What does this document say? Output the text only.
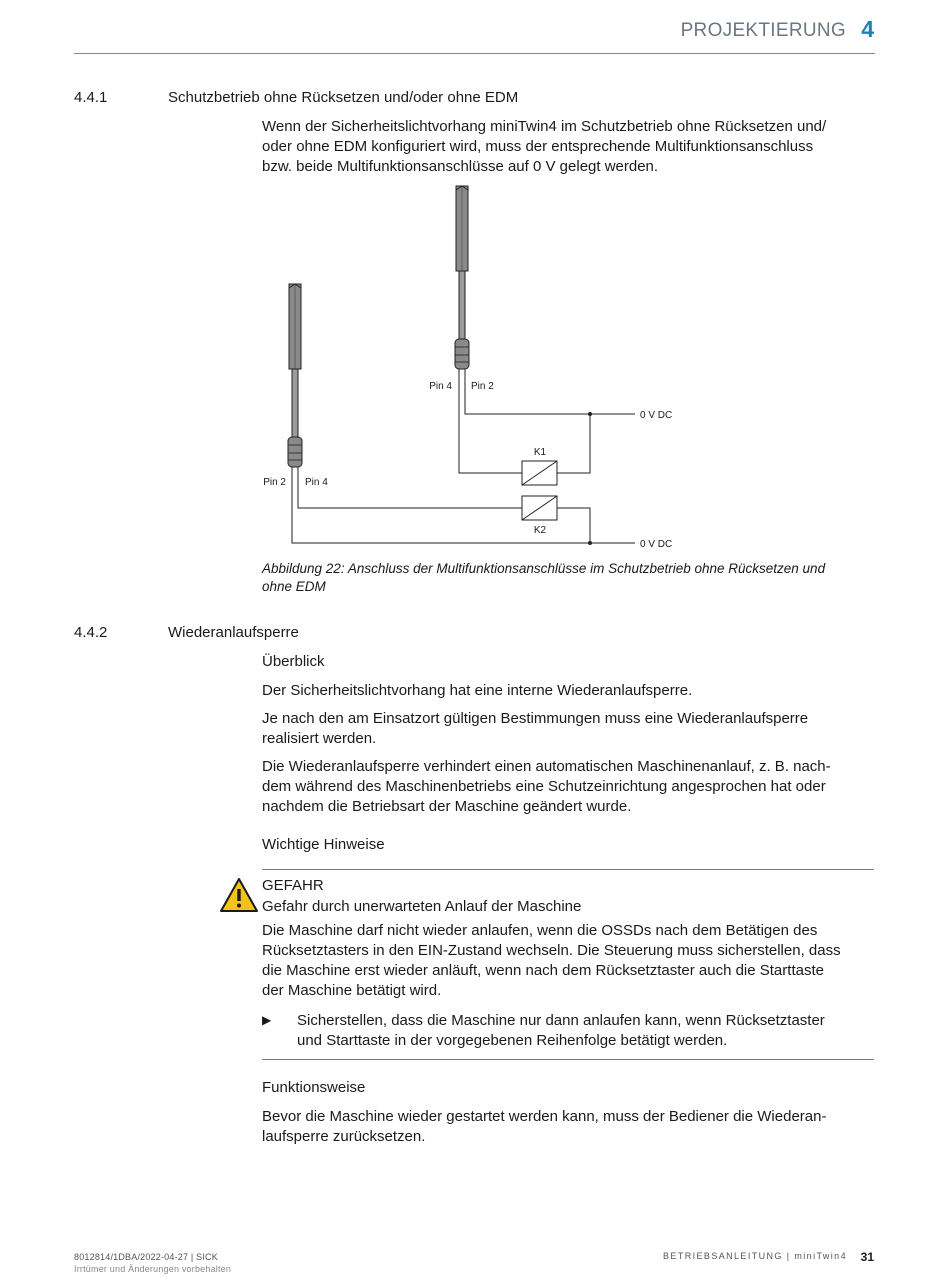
PROJEKTIERUNG 4
4.4.1	Schutzbetrieb ohne Rücksetzen und/oder ohne EDM
Wenn der Sicherheitslichtvorhang miniTwin4 im Schutzbetrieb ohne Rücksetzen und/
oder ohne EDM konfiguriert wird, muss der entsprechende Multifunktionsanschluss
bzw. beide Multifunktionsanschlüsse auf 0 V gelegt werden.
Pin 4 Pin 2
Pin 2 Pin 4
0 V DC
0 V DC
K1
K2
Abbildung 22: Anschluss der Multifunktionsanschlüsse im Schutzbetrieb ohne Rücksetzen und
ohne EDM
4.4.2	Wiederanlaufsperre
Überblick
Der Sicherheitslichtvorhang hat eine interne Wiederanlaufsperre.
Je nach den am Einsatzort gültigen Bestimmungen muss eine Wiederanlaufsperre
realisiert werden.
Die Wiederanlaufsperre verhindert einen automatischen Maschinenanlauf, z. B. nach-
dem während des Maschinenbetriebs eine Schutzeinrichtung angesprochen hat oder
nachdem die Betriebsart der Maschine geändert wurde.
Wichtige Hinweise
GEFAHR
Gefahr durch unerwarteten Anlauf der Maschine
Die Maschine darf nicht wieder anlaufen, wenn die OSSDs nach dem Betätigen des
Rücksetztasters in den EIN-Zustand wechseln. Die Steuerung muss sicherstellen, dass
die Maschine erst wieder anläuft, wenn nach dem Rücksetztaster auch die Starttaste
der Maschine betätigt wird.
▶ Sicherstellen, dass die Maschine nur dann anlaufen kann, wenn Rücksetztaster
und Starttaste in der vorgegebenen Reihenfolge betätigt werden.
Funktionsweise
Bevor die Maschine wieder gestartet werden kann, muss der Bediener die Wiederan-
laufsperre zurücksetzen.
8012814/1DBA/2022-04-27 | SICK
Irrtümer und Änderungen vorbehalten
BETRIEBSANLEITUNG | miniTwin4 31
